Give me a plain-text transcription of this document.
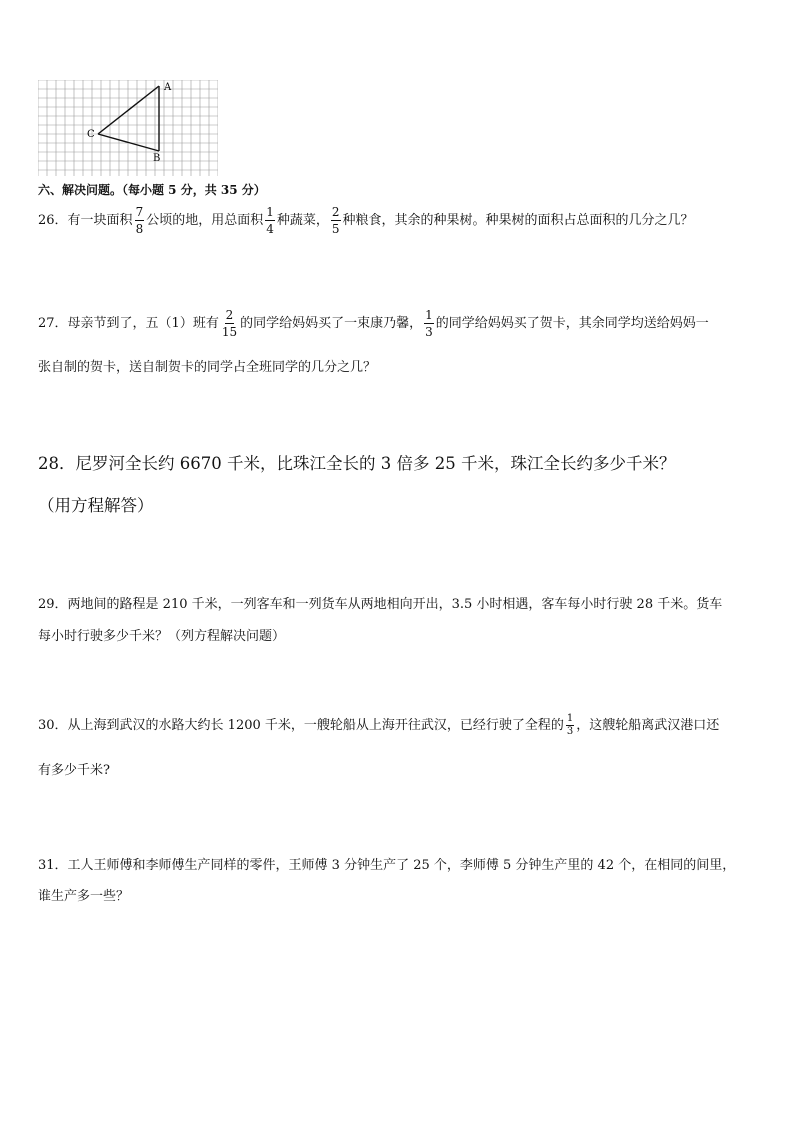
A
B
C
六、解决问题。（每小题 5 分，共 35 分）
26．有一块面积 $\frac{7}{8}$ 公顷的地，用总面积 $\frac{1}{4}$ 种蔬菜， $\frac{2}{5}$ 种粮食，其余的种果树。种果树的面积占总面积的几分之几？
27．母亲节到了，五（1）班有 $\frac{2}{15}$ 的同学给妈妈买了一束康乃馨， $\frac{1}{3}$ 的同学给妈妈买了贺卡，其余同学均送给妈妈一
张自制的贺卡，送自制贺卡的同学占全班同学的几分之几？
28．尼罗河全长约 6670 千米，比珠江全长的 3 倍多 25 千米，珠江全长约多少千米？
（用方程解答）
29．两地间的路程是 210 千米，一列客车和一列货车从两地相向开出，3.5 小时相遇，客车每小时行驶 28 千米。货车
每小时行驶多少千米？（列方程解决问题）
30．从上海到武汉的水路大约长 1200 千米，一艘轮船从上海开往武汉，已经行驶了全程的 $\frac{1}{3}$ ，这艘轮船离武汉港口还
有多少千米?
31．工人王师傅和李师傅生产同样的零件，王师傅 3 分钟生产了 25 个，李师傅 5 分钟生产里的 42 个，在相同的间里，
谁生产多一些？
